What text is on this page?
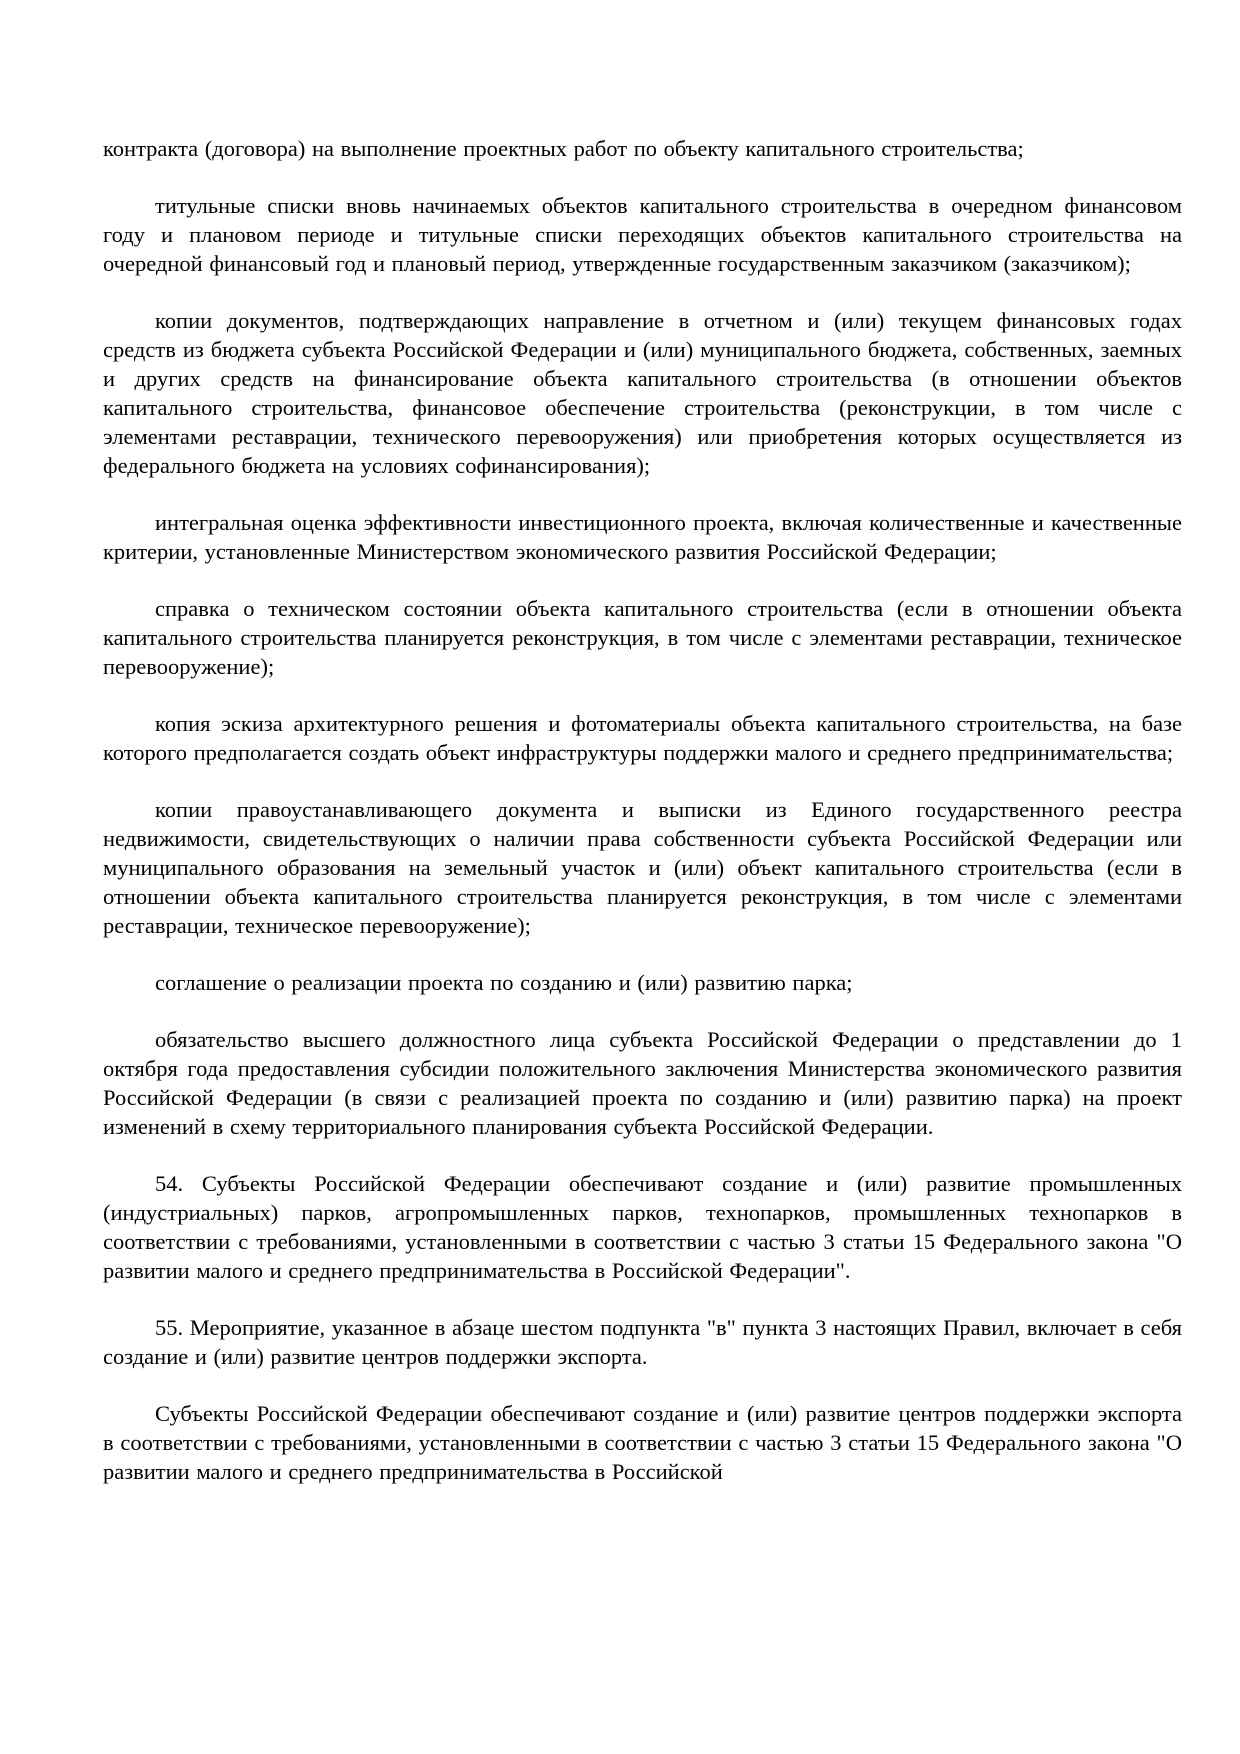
контракта (договора) на выполнение проектных работ по объекту капитального строительства;

титульные списки вновь начинаемых объектов капитального строительства в очередном финансовом году и плановом периоде и титульные списки переходящих объектов капитального строительства на очередной финансовый год и плановый период, утвержденные государственным заказчиком (заказчиком);

копии документов, подтверждающих направление в отчетном и (или) текущем финансовых годах средств из бюджета субъекта Российской Федерации и (или) муниципального бюджета, собственных, заемных и других средств на финансирование объекта капитального строительства (в отношении объектов капитального строительства, финансовое обеспечение строительства (реконструкции, в том числе с элементами реставрации, технического перевооружения) или приобретения которых осуществляется из федерального бюджета на условиях софинансирования);

интегральная оценка эффективности инвестиционного проекта, включая количественные и качественные критерии, установленные Министерством экономического развития Российской Федерации;

справка о техническом состоянии объекта капитального строительства (если в отношении объекта капитального строительства планируется реконструкция, в том числе с элементами реставрации, техническое перевооружение);

копия эскиза архитектурного решения и фотоматериалы объекта капитального строительства, на базе которого предполагается создать объект инфраструктуры поддержки малого и среднего предпринимательства;

копии правоустанавливающего документа и выписки из Единого государственного реестра недвижимости, свидетельствующих о наличии права собственности субъекта Российской Федерации или муниципального образования на земельный участок и (или) объект капитального строительства (если в отношении объекта капитального строительства планируется реконструкция, в том числе с элементами реставрации, техническое перевооружение);

соглашение о реализации проекта по созданию и (или) развитию парка;

обязательство высшего должностного лица субъекта Российской Федерации о представлении до 1 октября года предоставления субсидии положительного заключения Министерства экономического развития Российской Федерации (в связи с реализацией проекта по созданию и (или) развитию парка) на проект изменений в схему территориального планирования субъекта Российской Федерации.

54. Субъекты Российской Федерации обеспечивают создание и (или) развитие промышленных (индустриальных) парков, агропромышленных парков, технопарков, промышленных технопарков в соответствии с требованиями, установленными в соответствии с частью 3 статьи 15 Федерального закона "О развитии малого и среднего предпринимательства в Российской Федерации".

55. Мероприятие, указанное в абзаце шестом подпункта "в" пункта 3 настоящих Правил, включает в себя создание и (или) развитие центров поддержки экспорта.

Субъекты Российской Федерации обеспечивают создание и (или) развитие центров поддержки экспорта в соответствии с требованиями, установленными в соответствии с частью 3 статьи 15 Федерального закона "О развитии малого и среднего предпринимательства в Российской
